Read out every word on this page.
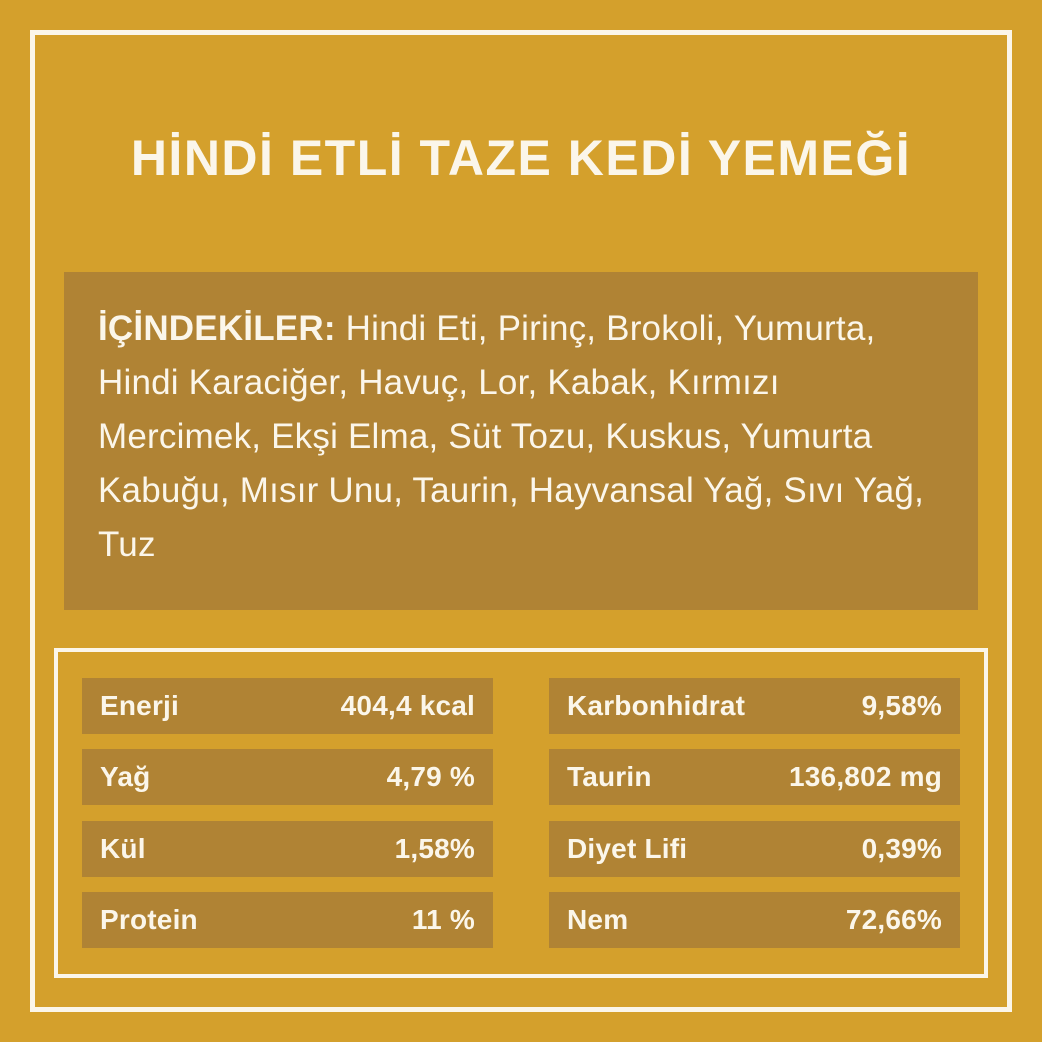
HİNDİ ETLİ TAZE KEDİ YEMEĞİ
İÇİNDEKİLER: Hindi Eti, Pirinç, Brokoli, Yumurta, Hindi Karaciğer, Havuç, Lor, Kabak, Kırmızı Mercimek, Ekşi Elma, Süt Tozu, Kuskus, Yumurta Kabuğu, Mısır Unu, Taurin, Hayvansal Yağ, Sıvı Yağ, Tuz
Enerji	404,4 kcal
Yağ	4,79 %
Kül	1,58%
Protein	11 %
Karbonhidrat	9,58%
Taurin	136,802 mg
Diyet Lifi	0,39%
Nem	72,66%
